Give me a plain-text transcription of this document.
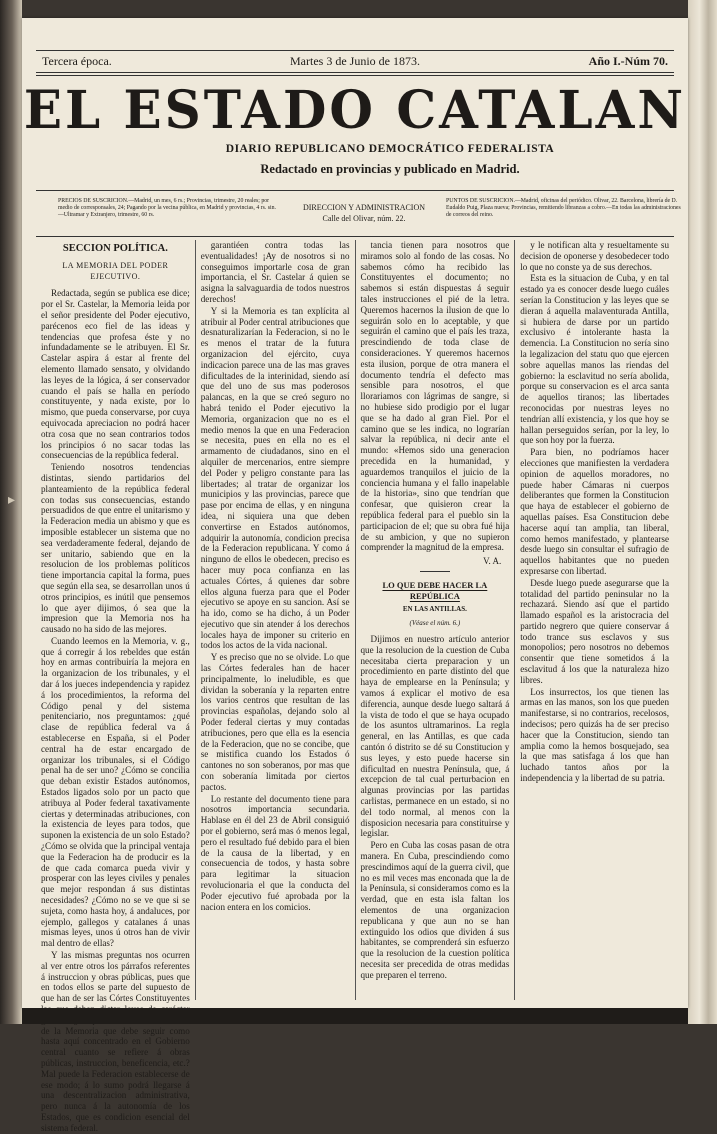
▸
Tercera época.	Martes 3 de Junio de 1873.	Año I.-Núm 70.
EL ESTADO CATALAN
DIARIO REPUBLICANO DEMOCRÁTICO FEDERALISTA
Redactado en provincias y publicado en Madrid.
PRECIOS DE SUSCRICION.—Madrid, un mes, 6 rs.; Provincias, trimestre, 20 reales; por medio de corresponsales, 24; Pagando por la vecina pública, en Madrid y provincias, 4 rs. sin.—Ultramar y Extranjero, trimestre, 60 rs.
DIRECCION Y ADMINISTRACION
Calle del Olivar, núm. 22.
PUNTOS DE SUSCRICION.—Madrid, oficinas del periódico. Olivar, 22. Barcelona, librería de D. Eudaldo Puig, Plaza nueva; Provincias, remitiendo libranzas a cobro.—En todas las administraciones de correos del reino.
SECCION POLÍTICA.
LA MEMORIA DEL PODER EJECUTIVO.

Redactada, según se publica ese dice; por el Sr. Castelar, la Memoria leida por el señor presidente del Poder ejecutivo, parécenos eco fiel de las ideas y tendencias que profesa éste y no infundadamente se le atribuyen. El Sr. Castelar aspira á estar al frente del elemento llamado sensato, y olvidando las leyes de la lógica, á ser conservador cuando el país se halla en período constituyente, y nada existe, por lo mismo, que pueda conservarse, por cuya equivocada apreciacion no podrá hacer otra cosa que no sean contrarios todos los principios ó no sacar todas las consecuencias de la república federal.

Teniendo nosotros tendencias distintas, siendo partidarios del planteamiento de la república federal con todas sus consecuencias, estando persuadidos de que entre el unitarismo y la Federacion media un abismo y que es imposible establecer un sistema que no sea verdaderamente federal, dejando de ser unitario, sabiendo que en la resolucion de los problemas políticos tiene importancia capital la forma, pues que según ella sea, se desarrollan unos ú otros principios, es inútil que pensemos lo que ayer dijimos, ó sea que la impresion que la Memoria nos ha causado no ha sido de las mejores.

Cuando leemos en la Memoria, v. g., que á corregir á los rebeldes que están hoy en armas contribuiría la mejora en la organizacion de los tribunales, y el dar á los jueces independencia y rapidez á los procedimientos, la reforma del Código penal y del sistema penitenciario, nos preguntamos: ¿qué clase de república federal va á establecerse en España, si el Poder central ha de estar encargado de organizar los tribunales, si el Código penal ha de ser uno? ¿Cómo se concilia que deban existir Estados autónomos, Estados ligados solo por un pacto que atribuya al Poder federal taxativamente ciertas y determinadas atribuciones, con la existencia de leyes para todos, que suponen la existencia de un solo Estado? ¿Cómo se olvida que la principal ventaja que la Federacion ha de producir es la de que cada comarca pueda vivir y prosperar con las leyes civiles y penales que mejor respondan á sus distintas necesidades? ¿Cómo no se ve que si se sujeta, como hasta hoy, á andaluces, por ejemplo, gallegos y catalanes á unas mismas leyes, unos ú otros han de vivir mal dentro de ellas?

Y las mismas preguntas nos ocurren al ver entre otros los párrafos referentes á instruccion y obras públicas, pues que en todos ellos se parte del supuesto de que han de ser las Córtes Constituyentes de la Memoria que debe seguir como hasta aquí concentrado en el Gobierno central cuanto se refiere á obras públicas, instruccion, beneficencia, etc.? Mal puede la Federacion establecerse de ese modo; á lo sumo podrá llegarse á una descentralizacion administrativa, pero nunca á la autonomía de los Estados, que es condicion esencial del sistema federal.

garantiéen contra todas las eventualidades! ¡Ay de nosotros si no conseguimos importarle cosa de gran importancia, el Sr. Castelar á quien se asigna la salvaguardia de todos nuestros derechos!

Y si la Memoria es tan explícita al atribuir al Poder central atribuciones que desnaturalizarían la Federacion, si no le es menos el tratar de la futura organizacion del ejército, cuya indicacion parece una de las mas graves dificultades de la interinidad, siendo así que del uno de sus mas poderosos palancas, en la que se creó seguro no habrá tenido el Poder ejecutivo la Memoria, organizacion que no es el medio menos la que en una Federacion se necesita, pues en ella no es el armamento de ciudadanos, sino en el alquiler de mercenarios, entre siempre del Poder y peligro constante para las libertades; al tratar de organizar los municipios y las provincias, parece que pase por encima de ellas, y en ninguna idea, ni siquiera una que deben convertirse en Estados autónomos, adquirir la autonomía, condicion precisa de la Federacion republicana. Y como á ninguno de ellos le obedecen, preciso es hacer muy poca confianza en las actuales Córtes, á quienes dar sobre ellos alguna fuerza para que el Poder ejecutivo se apoye en su sancion. Así se ha ido, como se ha dicho, á un Poder ejecutivo que sin atender á los derechos locales haya de imponer su criterio en todos los actos de la vida nacional.

Y es preciso que no se olvide. Lo que las Córtes federales han de hacer principalmente, lo ineludible, es que dividan la soberanía y la reparten entre los varios centros que resultan de las provincias españolas, dejando solo al Poder federal ciertas y muy contadas atribuciones, pero que ella es la esencia de la Federacion, que no se concibe, que se mistifica cuando los Estados ó cantones no son soberanos, por mas que con soberanía limitada por ciertos pactos.

Lo restante del documento tiene para nosotros importancia secundaria. Hablase en él del 23 de Abril consiguió por el gobierno, será mas ó menos legal, pero el resultado fué debido para el bien de la causa de la libertad, y en consecuencia de todos, y hasta sobre para legitimar la situacion revolucionaria el que la conducta del Poder ejecutivo fué aprobada por la nacion entera en los comicios.

tancia tienen para nosotros que miramos solo al fondo de las cosas. No sabemos cómo ha recibido las Constituyentes el documento; no sabemos si están dispuestas á seguir tales instrucciones el pié de la letra. Queremos hacernos la ilusion de que lo seguirán solo en lo aceptable, y que seguirán el camino que el país les traza, prescindiendo de toda clase de consideraciones. Y queremos hacernos esta ilusion, porque de otra manera el documento tendría el defecto mas sensible para nosotros, el que llorariamos con lágrimas de sangre, si no hubiese sido prodigio por el lugar que se ha dado al gran Fiel. Por el camino que se les indica, no lograrían salvar la república, ni decir ante el mundo: «Hemos sido una generacion precedida en la humanidad, y aguardemos tranquilos el juicio de la conciencia humana y el fallo inapelable de la historia», sino que tendrían que confesar, que quisieron crear la república federal para el pueblo sin la participacion de el; que su obra fué hija de su ambicion, y que no supieron comprender la magnitud de la empresa.

V. A.
LO QUE DEBE HACER LA REPÚBLICA
EN LAS ANTILLAS.
(Véase el núm. 6.)

Dijimos en nuestro artículo anterior que la resolucion de la cuestion de Cuba necesitaba cierta preparacion y un procedimiento en parte distinto del que haya de emplearse en la Península; y vamos á explicar el motivo de esa diferencia, aunque desde luego saltará á la vista de todo el que se haya ocupado de los asuntos ultramarinos. La regla general, en las Antillas, es que cada cantón ó distrito se dé su Constitucion y sus leyes, y esto puede hacerse sin dificultad en nuestra Península, que, á excepcion de tal cual perturbacion en algunas provincias por las partidas carlistas, permanece en un estado, si no del todo normal, al menos con la disposicion necesaria para constituirse y legislar.

Pero en Cuba las cosas pasan de otra manera. En Cuba, prescindiendo como prescindimos aquí de la guerra civil, que no es mil veces mas enconada que la de la Península, si consideramos como es la verdad, que en esta isla faltan los elementos de una organizacion republicana y que aun no se han extinguido los odios que dividen á sus habitantes, se comprenderá sin esfuerzo que la resolucion de la cuestion política necesita ser precedida de otras medidas que preparen el terreno.

y le notifican alta y resueltamente su decision de oponerse y desobedecer todo lo que no conste ya de sus derechos.

Esta es la situacion de Cuba, y en tal estado ya es conocer desde luego cuáles serían la Constitucion y las leyes que se dieran á aquella malaventurada Antilla, si hubiera de darse por un partido exclusivo é intolerante hasta la demencia. La Constitucion no sería sino la legalizacion del statu quo que ejercen sobre aquellas manos las riendas del gobierno: la esclavitud no sería abolida, porque su conservacion es el arca santa de aquellos tiranos; las libertades reconocidas por nuestras leyes no tendrían allí existencia, y los que hoy se hallan perseguidos serían, por la ley, lo que son hoy por la fuerza.

Para bien, no podríamos hacer elecciones que manifiesten la verdadera opinion de aquellos moradores, no puede haber Cámaras ni cuerpos deliberantes que formen la Constitucion que haya de establecer el gobierno de aquellas países. Esa Constitucion debe hacerse aquí tan amplia, tan liberal, como hemos manifestado, y plantearse desde luego sin consultar el sufragio de aquellos habitantes que no pueden expresarse con libertad.

Desde luego puede asegurarse que la totalidad del partido peninsular no la rechazará. Siendo así que el partido llamado español es la aristocracia del partido negrero que quiere conservar á todo trance sus esclavos y sus monopolios; pero nosotros no debemos consentir que tiene sometidos á la esclavitud á los que la naturaleza hizo libres.

Los insurrectos, los que tienen las armas en las manos, son los que pueden manifestarse, si no contrarios, recelosos, indecisos; pero quizás ha de ser preciso hacer que la Constitucion, siendo tan amplia como la hemos bosquejado, sea la que mas satisfaga á los que han luchado tantos años por la independencia y la libertad de su patria.
